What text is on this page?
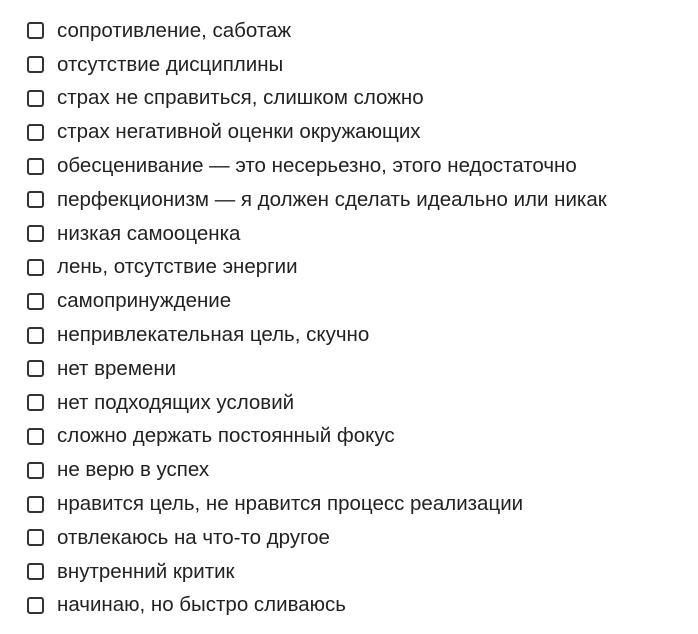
сопротивление, саботаж
отсутствие дисциплины
страх не справиться, слишком сложно
страх негативной оценки окружающих
обесценивание — это несерьезно, этого недостаточно
перфекционизм — я должен сделать идеально или никак
низкая самооценка
лень, отсутствие энергии
самопринуждение
непривлекательная цель, скучно
нет времени
нет подходящих условий
сложно держать постоянный фокус
не верю в успех
нравится цель, не нравится процесс реализации
отвлекаюсь на что-то другое
внутренний критик
начинаю, но быстро сливаюсь
